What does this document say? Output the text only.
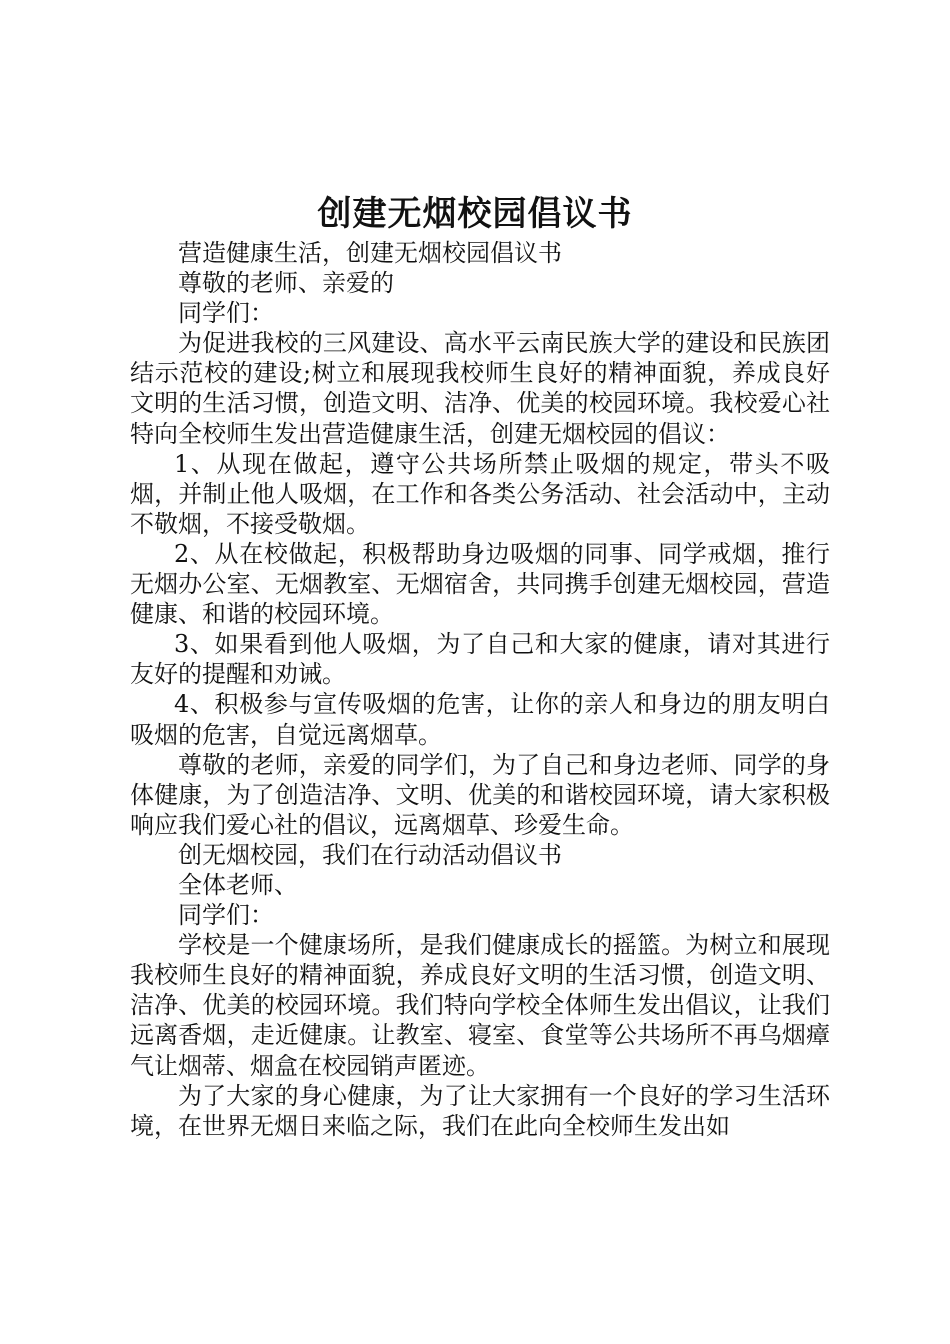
创建无烟校园倡议书

营造健康生活，创建无烟校园倡议书

尊敬的老师、亲爱的

同学们：

为促进我校的三风建设、高水平云南民族大学的建设和民族团结示范校的建设;树立和展现我校师生良好的精神面貌，养成良好文明的生活习惯，创造文明、洁净、优美的校园环境。我校爱心社特向全校师生发出营造健康生活，创建无烟校园的倡议：

1、从现在做起，遵守公共场所禁止吸烟的规定，带头不吸烟，并制止他人吸烟，在工作和各类公务活动、社会活动中，主动不敬烟，不接受敬烟。

2、从在校做起，积极帮助身边吸烟的同事、同学戒烟，推行无烟办公室、无烟教室、无烟宿舍，共同携手创建无烟校园，营造健康、和谐的校园环境。

3、如果看到他人吸烟，为了自己和大家的健康，请对其进行友好的提醒和劝诫。

4、积极参与宣传吸烟的危害，让你的亲人和身边的朋友明白吸烟的危害，自觉远离烟草。

尊敬的老师，亲爱的同学们，为了自己和身边老师、同学的身体健康，为了创造洁净、文明、优美的和谐校园环境，请大家积极响应我们爱心社的倡议，远离烟草、珍爱生命。

创无烟校园，我们在行动活动倡议书

全体老师、

同学们：

学校是一个健康场所，是我们健康成长的摇篮。为树立和展现我校师生良好的精神面貌，养成良好文明的生活习惯，创造文明、洁净、优美的校园环境。我们特向学校全体师生发出倡议，让我们远离香烟，走近健康。让教室、寝室、食堂等公共场所不再乌烟瘴气让烟蒂、烟盒在校园销声匿迹。

为了大家的身心健康，为了让大家拥有一个良好的学习生活环境，在世界无烟日来临之际，我们在此向全校师生发出如
